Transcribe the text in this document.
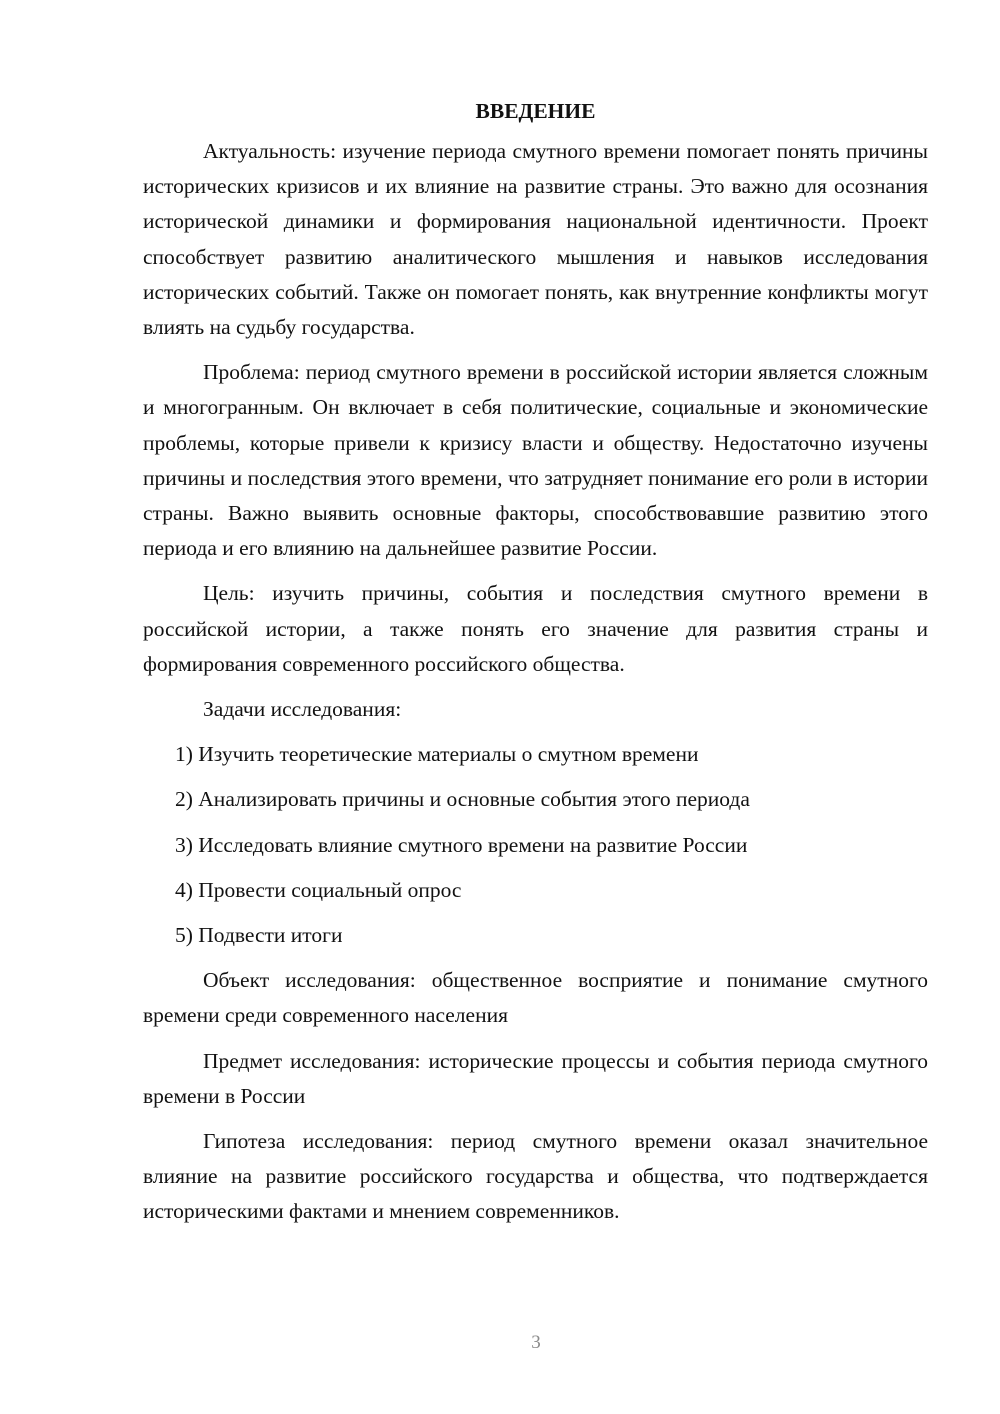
ВВЕДЕНИЕ

Актуальность: изучение периода смутного времени помогает понять причины исторических кризисов и их влияние на развитие страны. Это важно для осознания исторической динамики и формирования национальной идентичности. Проект способствует развитию аналитического мышления и навыков исследования исторических событий. Также он помогает понять, как внутренние конфликты могут влиять на судьбу государства.

Проблема: период смутного времени в российской истории является сложным и многогранным. Он включает в себя политические, социальные и экономические проблемы, которые привели к кризису власти и обществу. Недостаточно изучены причины и последствия этого времени, что затрудняет понимание его роли в истории страны. Важно выявить основные факторы, способствовавшие развитию этого периода и его влиянию на дальнейшее развитие России.

Цель: изучить причины, события и последствия смутного времени в российской истории, а также понять его значение для развития страны и формирования современного российского общества.

Задачи исследования:
1) Изучить теоретические материалы о смутном времени
2) Анализировать причины и основные события этого периода
3) Исследовать влияние смутного времени на развитие России
4) Провести социальный опрос
5) Подвести итоги

Объект исследования: общественное восприятие и понимание смутного времени среди современного населения

Предмет исследования: исторические процессы и события периода смутного времени в России

Гипотеза исследования: период смутного времени оказал значительное влияние на развитие российского государства и общества, что подтверждается историческими фактами и мнением современников.

3
